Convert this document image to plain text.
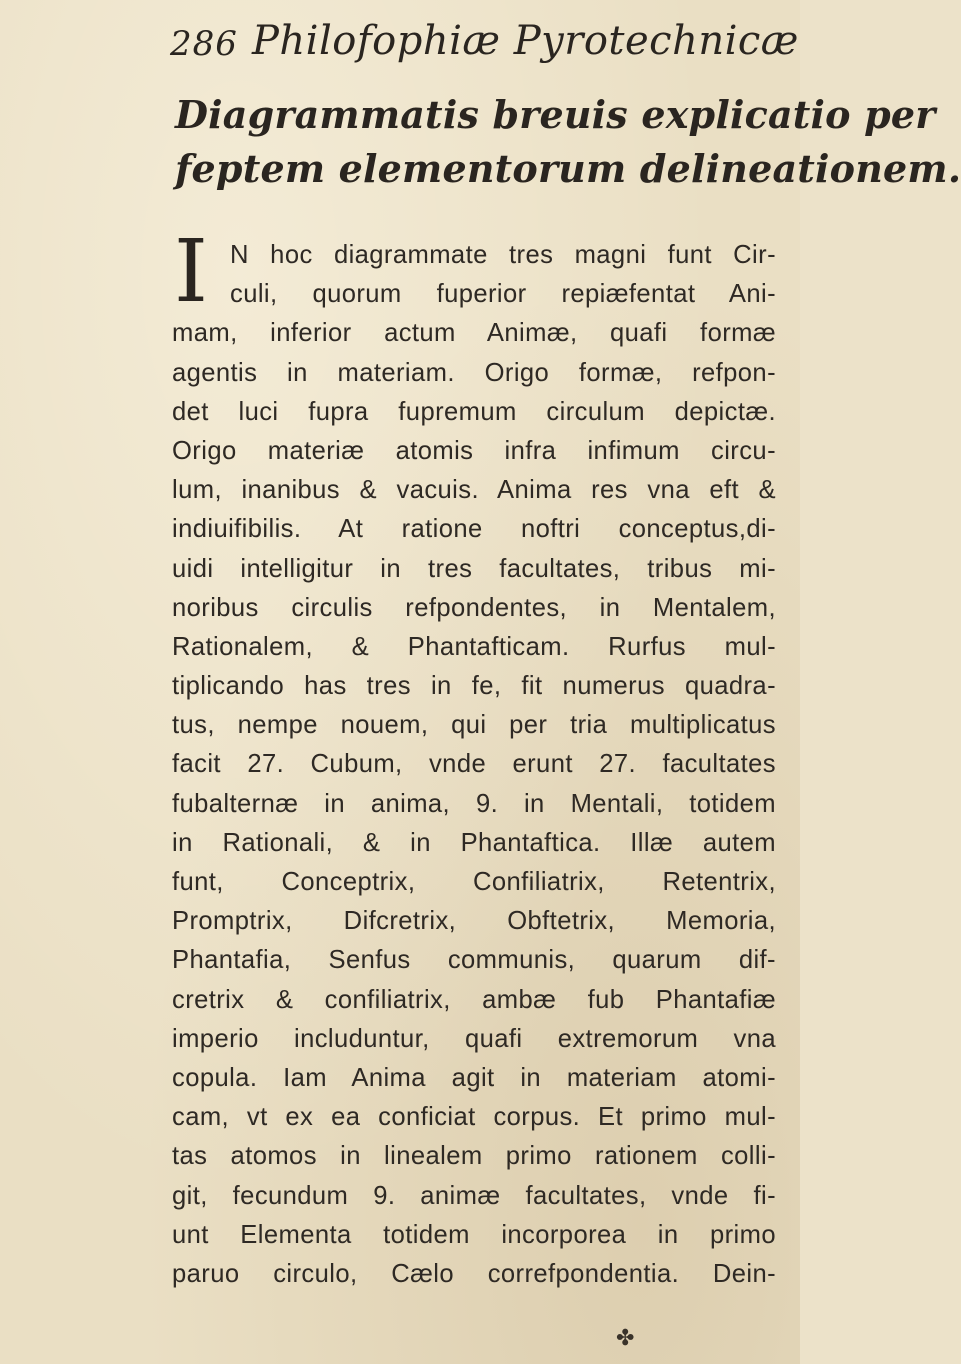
286 Philofophiæ Pyrotechnicæ
Diagrammatis breuis explicatio per
feptem elementorum delineationem.
I N hoc diagrammate tres magni funt Cir-
culi, quorum fuperior repiæfentat Ani-
mam, inferior actum Animæ, quafi formæ
agentis in materiam. Origo formæ, refpon-
det luci fupra fupremum circulum depictæ.
Origo materiæ atomis infra infimum circu-
lum, inanibus & vacuis. Anima res vna eft &
indiuifibilis. At ratione noftri conceptus,di-
uidi intelligitur in tres facultates, tribus mi-
noribus circulis refpondentes, in Mentalem,
Rationalem, & Phantafticam. Rurfus mul-
tiplicando has tres in fe, fit numerus quadra-
tus, nempe nouem, qui per tria multiplicatus
facit 27. Cubum, vnde erunt 27. facultates
fubalternæ in anima, 9. in Mentali, totidem
in Rationali, & in Phantaftica. Illæ autem
funt, Conceptrix, Confiliatrix, Retentrix,
Promptrix, Difcretrix, Obftetrix, Memoria,
Phantafia, Senfus communis, quarum dif-
cretrix & confiliatrix, ambæ fub Phantafiæ
imperio includuntur, quafi extremorum vna
copula. Iam Anima agit in materiam atomi-
cam, vt ex ea conficiat corpus. Et primo mul-
tas atomos in linealem primo rationem colli-
git, fecundum 9. animæ facultates, vnde fi-
unt Elementa totidem incorporea in primo
paruo circulo, Cælo correfpondentia. Dein-
✤
